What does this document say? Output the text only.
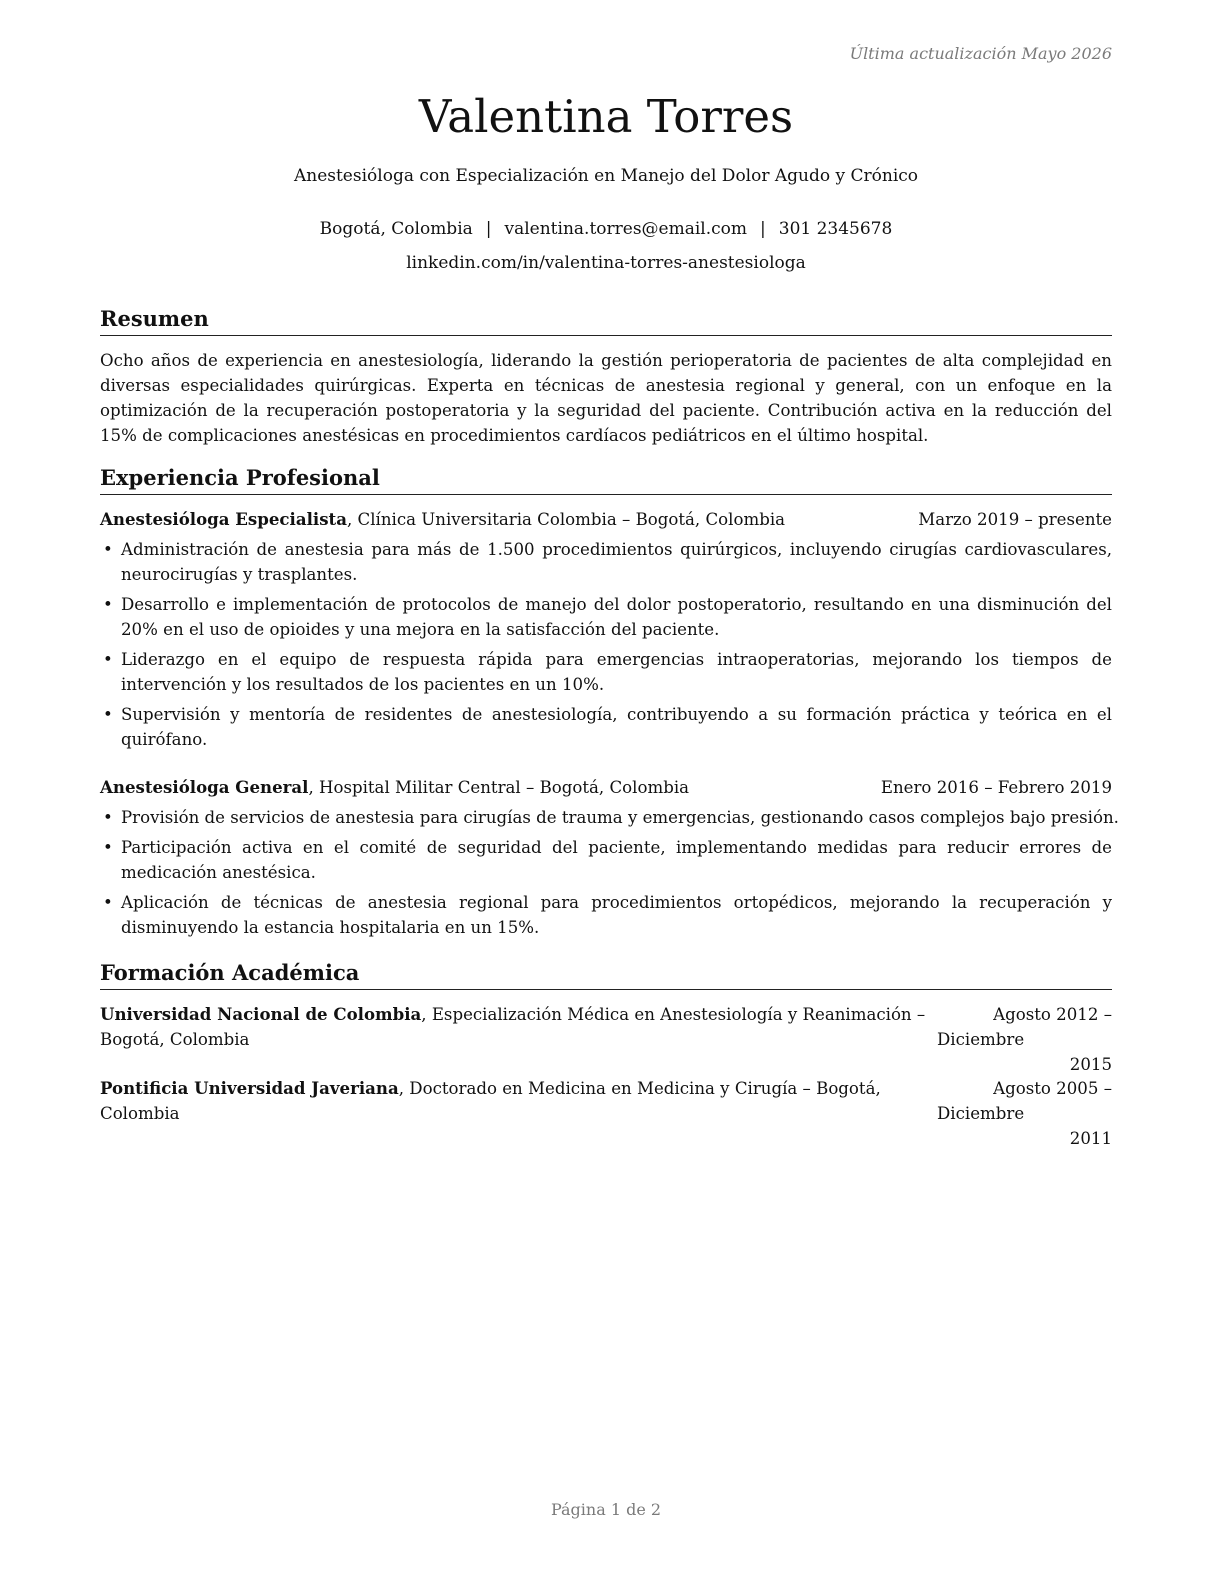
Última actualización Mayo 2026
Valentina Torres
Anestesióloga con Especialización en Manejo del Dolor Agudo y Crónico
Bogotá, Colombia | valentina.torres@email.com | 301 2345678
linkedin.com/in/valentina-torres-anestesiologa
Resumen
Ocho años de experiencia en anestesiología, liderando la gestión perioperatoria de pacientes de alta complejidad en diversas especialidades quirúrgicas. Experta en técnicas de anestesia regional y general, con un enfoque en la optimización de la recuperación postoperatoria y la seguridad del paciente. Contribución activa en la reducción del 15% de complicaciones anestésicas en procedimientos cardíacos pediátricos en el último hospital.
Experiencia Profesional
Anestesióloga Especialista, Clínica Universitaria Colombia – Bogotá, Colombia	Marzo 2019 – presente
• Administración de anestesia para más de 1.500 procedimientos quirúrgicos, incluyendo cirugías cardiovasculares, neurocirugías y trasplantes.
• Desarrollo e implementación de protocolos de manejo del dolor postoperatorio, resultando en una disminución del 20% en el uso de opioides y una mejora en la satisfacción del paciente.
• Liderazgo en el equipo de respuesta rápida para emergencias intraoperatorias, mejorando los tiempos de intervención y los resultados de los pacientes en un 10%.
• Supervisión y mentoría de residentes de anestesiología, contribuyendo a su formación práctica y teórica en el quirófano.
Anestesióloga General, Hospital Militar Central – Bogotá, Colombia	Enero 2016 – Febrero 2019
• Provisión de servicios de anestesia para cirugías de trauma y emergencias, gestionando casos complejos bajo presión.
• Participación activa en el comité de seguridad del paciente, implementando medidas para reducir errores de medicación anestésica.
• Aplicación de técnicas de anestesia regional para procedimientos ortopédicos, mejorando la recuperación y disminuyendo la estancia hospitalaria en un 15%.
Formación Académica
Universidad Nacional de Colombia, Especialización Médica en Anestesiología y Reanimación – Bogotá, Colombia
Agosto 2012 – Diciembre
2015
Pontificia Universidad Javeriana, Doctorado en Medicina en Medicina y Cirugía – Bogotá, Colombia
Agosto 2005 – Diciembre
2011
Página 1 de 2
